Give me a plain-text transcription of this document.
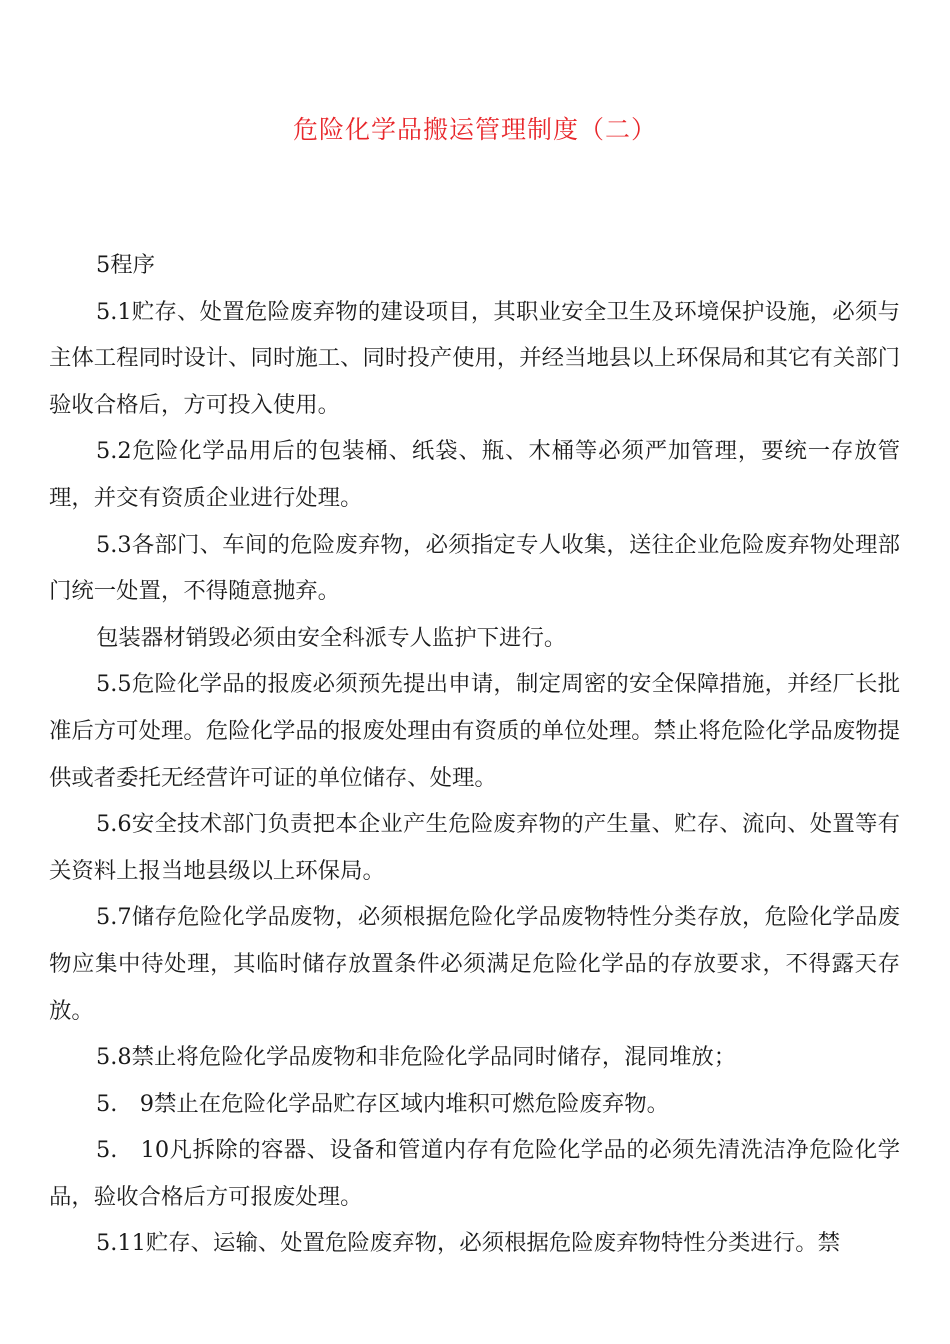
危险化学品搬运管理制度（二）

5程序

5.1贮存、处置危险废弃物的建设项目，其职业安全卫生及环境保护设施，必须与主体工程同时设计、同时施工、同时投产使用，并经当地县以上环保局和其它有关部门验收合格后，方可投入使用。

5.2危险化学品用后的包装桶、纸袋、瓶、木桶等必须严加管理，要统一存放管理，并交有资质企业进行处理。

5.3各部门、车间的危险废弃物，必须指定专人收集，送往企业危险废弃物处理部门统一处置，不得随意抛弃。

包装器材销毁必须由安全科派专人监护下进行。

5.5危险化学品的报废必须预先提出申请，制定周密的安全保障措施，并经厂长批准后方可处理。危险化学品的报废处理由有资质的单位处理。禁止将危险化学品废物提供或者委托无经营许可证的单位储存、处理。

5.6安全技术部门负责把本企业产生危险废弃物的产生量、贮存、流向、处置等有关资料上报当地县级以上环保局。

5.7储存危险化学品废物，必须根据危险化学品废物特性分类存放，危险化学品废物应集中待处理，其临时储存放置条件必须满足危险化学品的存放要求，不得露天存放。

5.8禁止将危险化学品废物和非危险化学品同时储存，混同堆放；

5.　9禁止在危险化学品贮存区域内堆积可燃危险废弃物。

5.　10凡拆除的容器、设备和管道内存有危险化学品的必须先清洗洁净危险化学品，验收合格后方可报废处理。

5.11贮存、运输、处置危险废弃物，必须根据危险废弃物特性分类进行。禁
